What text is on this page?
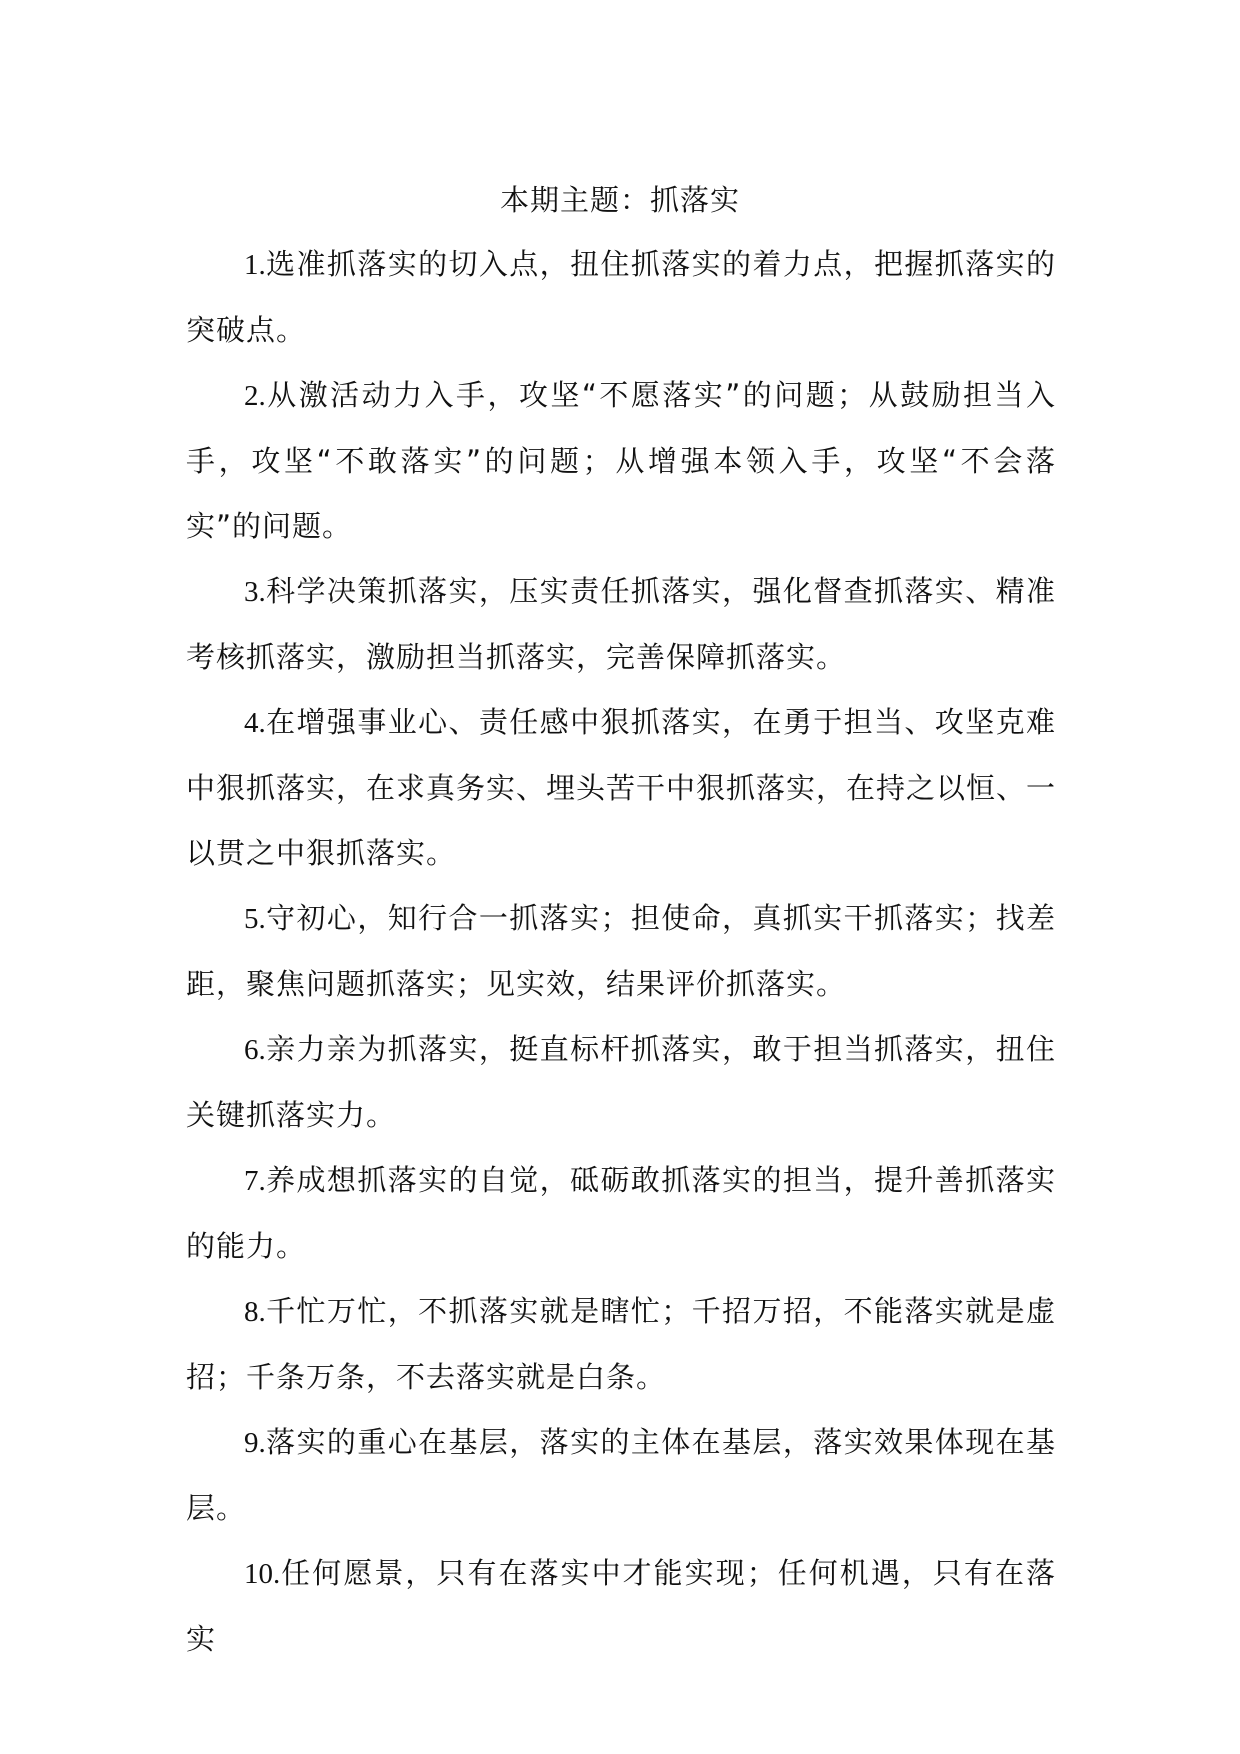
本期主题：抓落实

1.选准抓落实的切入点，扭住抓落实的着力点，把握抓落实的突破点。

2.从激活动力入手，攻坚“不愿落实”的问题；从鼓励担当入手，攻坚“不敢落实”的问题；从增强本领入手，攻坚“不会落实”的问题。

3.科学决策抓落实，压实责任抓落实，强化督查抓落实、精准考核抓落实，激励担当抓落实，完善保障抓落实。

4.在增强事业心、责任感中狠抓落实，在勇于担当、攻坚克难中狠抓落实，在求真务实、埋头苦干中狠抓落实，在持之以恒、一以贯之中狠抓落实。

5.守初心，知行合一抓落实；担使命，真抓实干抓落实；找差距，聚焦问题抓落实；见实效，结果评价抓落实。

6.亲力亲为抓落实，挺直标杆抓落实，敢于担当抓落实，扭住关键抓落实力。

7.养成想抓落实的自觉，砥砺敢抓落实的担当，提升善抓落实的能力。

8.千忙万忙，不抓落实就是瞎忙；千招万招，不能落实就是虚招；千条万条，不去落实就是白条。

9.落实的重心在基层，落实的主体在基层，落实效果体现在基层。

10.任何愿景，只有在落实中才能实现；任何机遇，只有在落实
